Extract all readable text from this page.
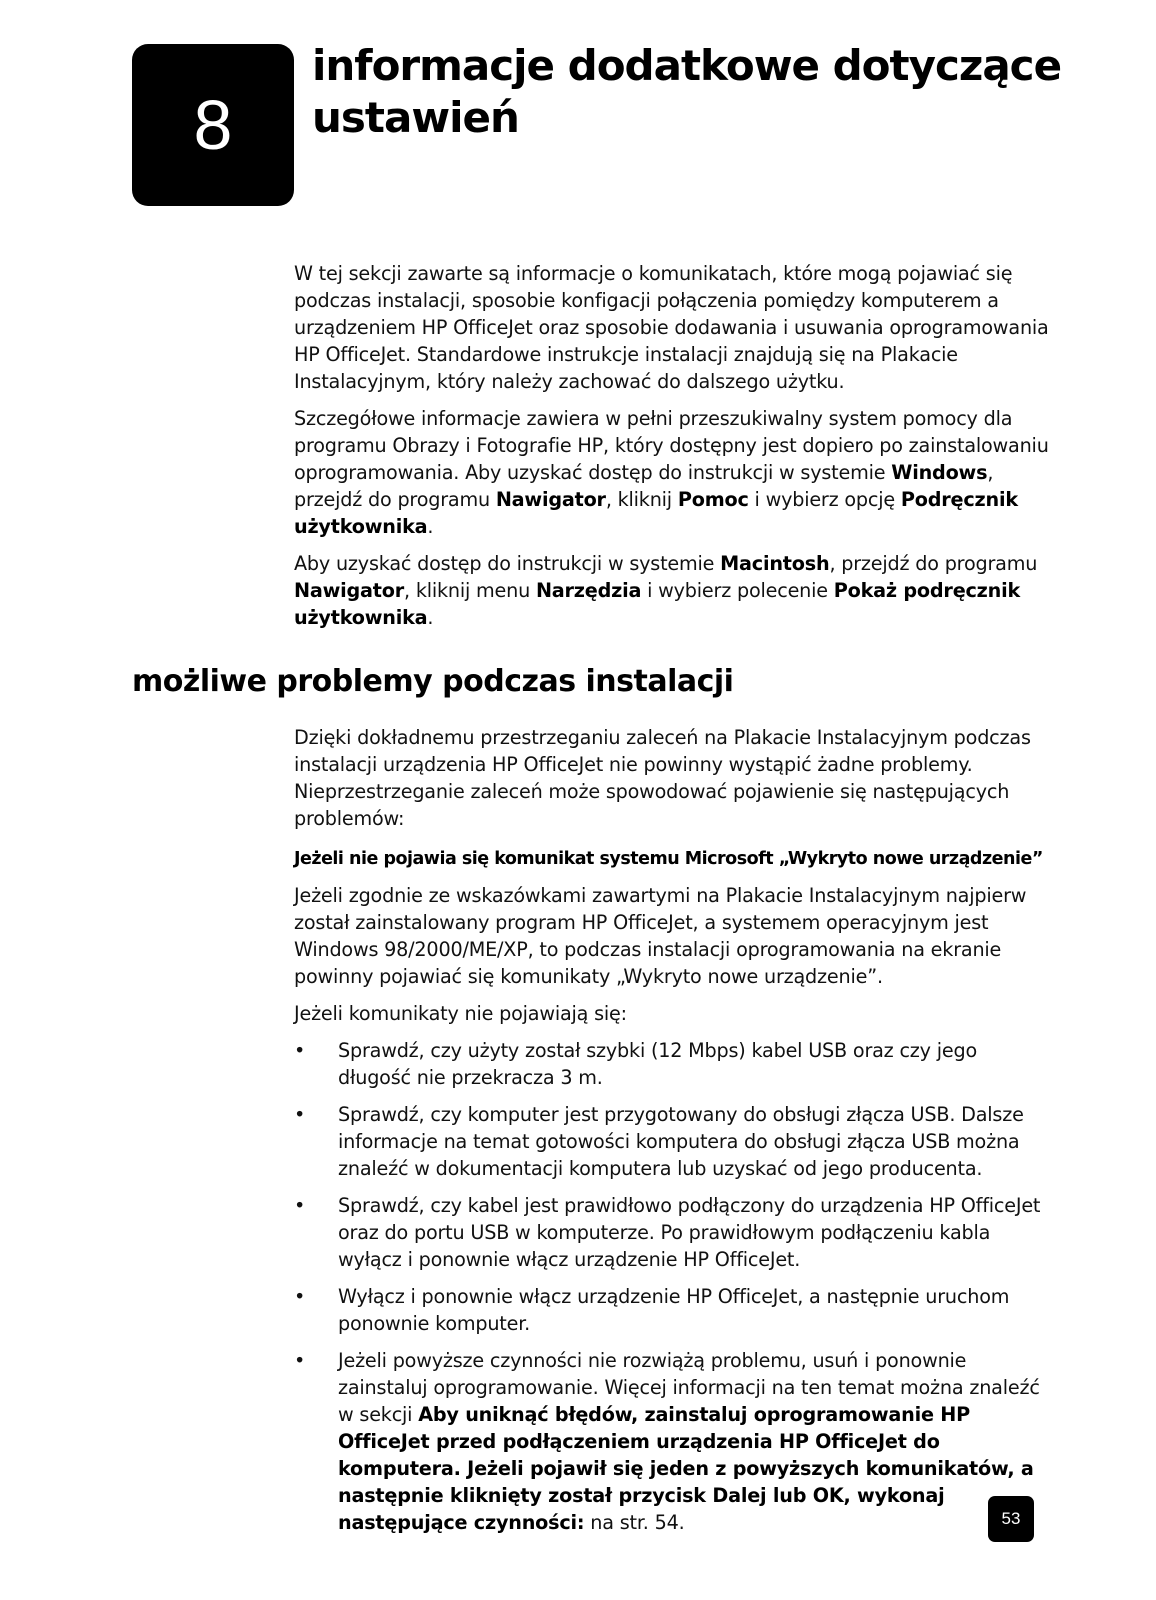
8
informacje dodatkowe dotyczące
ustawień

W tej sekcji zawarte są informacje o komunikatach, które mogą pojawiać się podczas instalacji, sposobie konfigacji połączenia pomiędzy komputerem a urządzeniem HP OfficeJet oraz sposobie dodawania i usuwania oprogramowania HP OfficeJet. Standardowe instrukcje instalacji znajdują się na Plakacie Instalacyjnym, który należy zachować do dalszego użytku.

Szczegółowe informacje zawiera w pełni przeszukiwalny system pomocy dla programu Obrazy i Fotografie HP, który dostępny jest dopiero po zainstalowaniu oprogramowania. Aby uzyskać dostęp do instrukcji w systemie Windows, przejdź do programu Nawigator, kliknij Pomoc i wybierz opcję Podręcznik użytkownika.

Aby uzyskać dostęp do instrukcji w systemie Macintosh, przejdź do programu Nawigator, kliknij menu Narzędzia i wybierz polecenie Pokaż podręcznik użytkownika.

możliwe problemy podczas instalacji

Dzięki dokładnemu przestrzeganiu zaleceń na Plakacie Instalacyjnym podczas instalacji urządzenia HP OfficeJet nie powinny wystąpić żadne problemy. Nieprzestrzeganie zaleceń może spowodować pojawienie się następujących problemów:

Jeżeli nie pojawia się komunikat systemu Microsoft „Wykryto nowe urządzenie”

Jeżeli zgodnie ze wskazówkami zawartymi na Plakacie Instalacyjnym najpierw został zainstalowany program HP OfficeJet, a systemem operacyjnym jest Windows 98/2000/ME/XP, to podczas instalacji oprogramowania na ekranie powinny pojawiać się komunikaty „Wykryto nowe urządzenie”.

Jeżeli komunikaty nie pojawiają się:

• Sprawdź, czy użyty został szybki (12 Mbps) kabel USB oraz czy jego długość nie przekracza 3 m.
• Sprawdź, czy komputer jest przygotowany do obsługi złącza USB. Dalsze informacje na temat gotowości komputera do obsługi złącza USB można znaleźć w dokumentacji komputera lub uzyskać od jego producenta.
• Sprawdź, czy kabel jest prawidłowo podłączony do urządzenia HP OfficeJet oraz do portu USB w komputerze. Po prawidłowym podłączeniu kabla wyłącz i ponownie włącz urządzenie HP OfficeJet.
• Wyłącz i ponownie włącz urządzenie HP OfficeJet, a następnie uruchom ponownie komputer.
• Jeżeli powyższe czynności nie rozwiążą problemu, usuń i ponownie zainstaluj oprogramowanie. Więcej informacji na ten temat można znaleźć w sekcji Aby uniknąć błędów, zainstaluj oprogramowanie HP OfficeJet przed podłączeniem urządzenia HP OfficeJet do komputera. Jeżeli pojawił się jeden z powyższych komunikatów, a następnie kliknięty został przycisk Dalej lub OK, wykonaj następujące czynności: na str. 54.	53
